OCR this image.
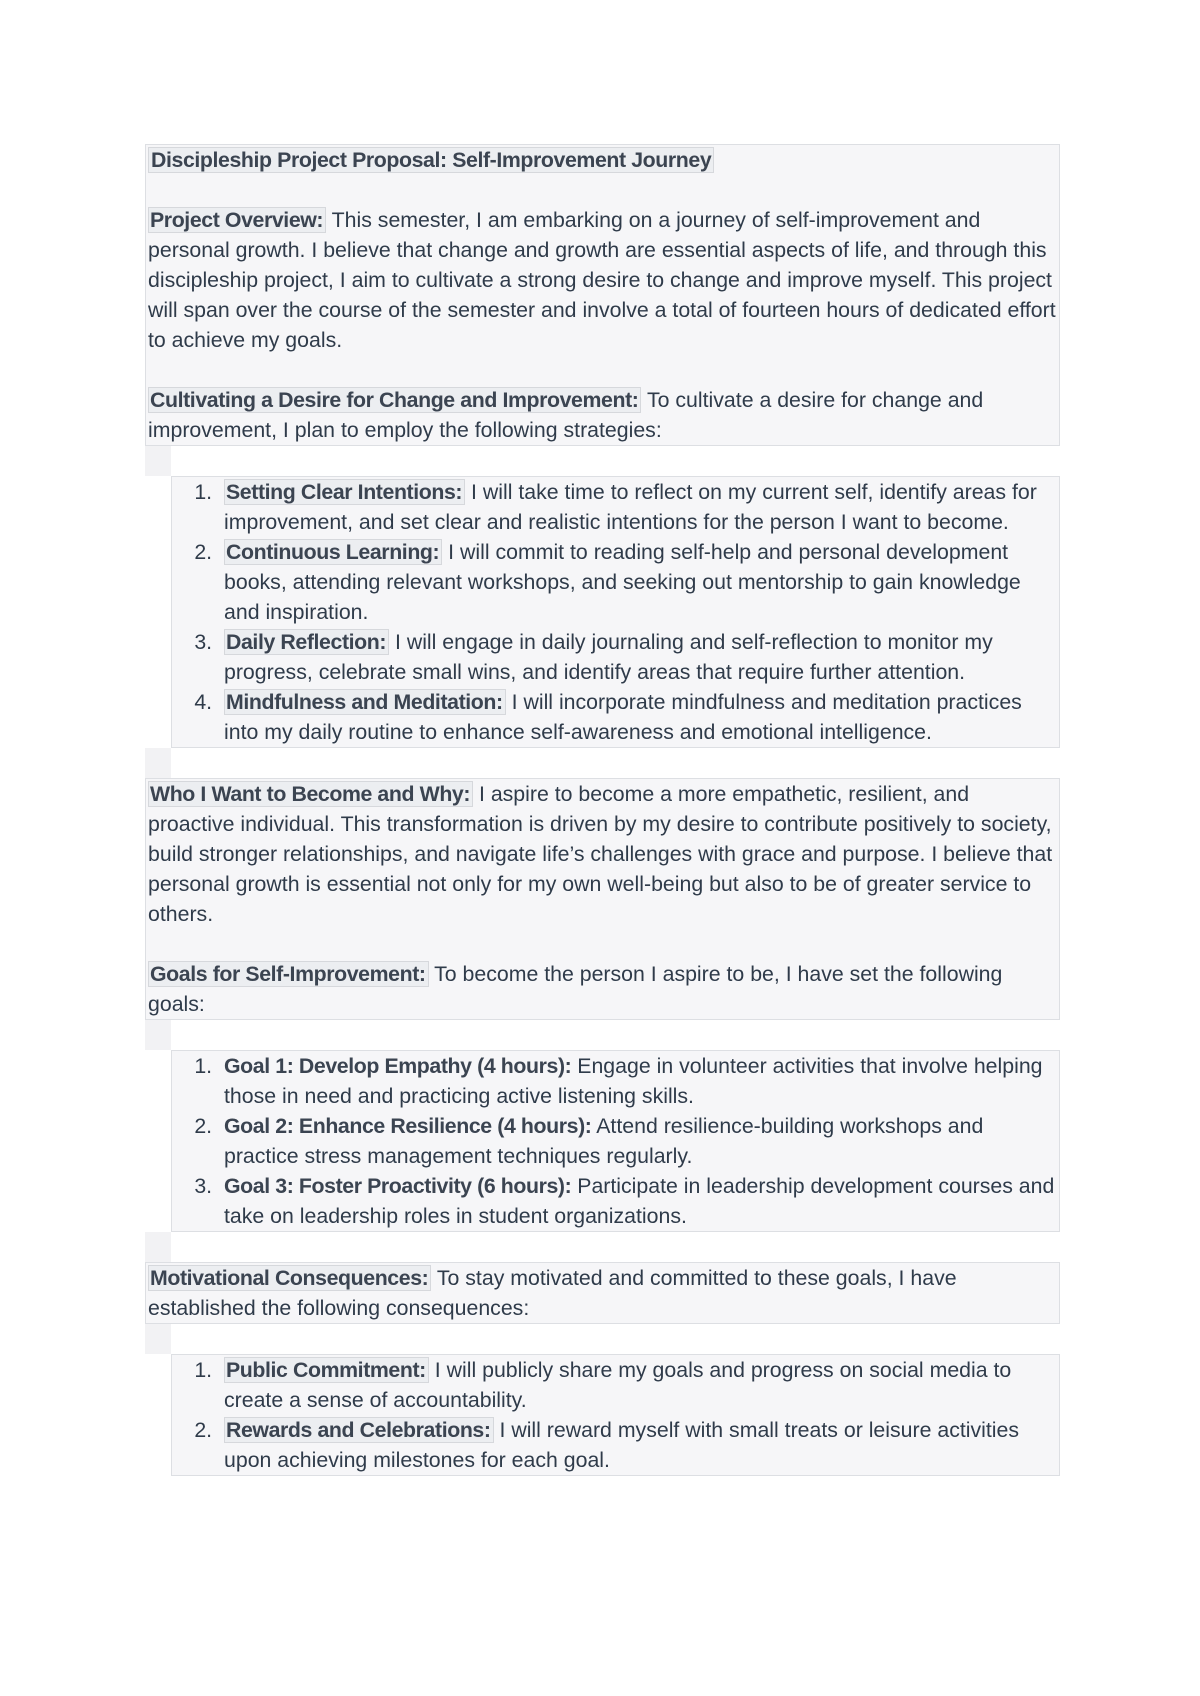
Discipleship Project Proposal: Self-Improvement Journey

Project Overview: This semester, I am embarking on a journey of self-improvement and personal growth. I believe that change and growth are essential aspects of life, and through this discipleship project, I aim to cultivate a strong desire to change and improve myself. This project will span over the course of the semester and involve a total of fourteen hours of dedicated effort to achieve my goals.

Cultivating a Desire for Change and Improvement: To cultivate a desire for change and improvement, I plan to employ the following strategies:

1. Setting Clear Intentions: I will take time to reflect on my current self, identify areas for improvement, and set clear and realistic intentions for the person I want to become.
2. Continuous Learning: I will commit to reading self-help and personal development books, attending relevant workshops, and seeking out mentorship to gain knowledge and inspiration.
3. Daily Reflection: I will engage in daily journaling and self-reflection to monitor my progress, celebrate small wins, and identify areas that require further attention.
4. Mindfulness and Meditation: I will incorporate mindfulness and meditation practices into my daily routine to enhance self-awareness and emotional intelligence.

Who I Want to Become and Why: I aspire to become a more empathetic, resilient, and proactive individual. This transformation is driven by my desire to contribute positively to society, build stronger relationships, and navigate life’s challenges with grace and purpose. I believe that personal growth is essential not only for my own well-being but also to be of greater service to others.

Goals for Self-Improvement: To become the person I aspire to be, I have set the following goals:

1. Goal 1: Develop Empathy (4 hours): Engage in volunteer activities that involve helping those in need and practicing active listening skills.
2. Goal 2: Enhance Resilience (4 hours): Attend resilience-building workshops and practice stress management techniques regularly.
3. Goal 3: Foster Proactivity (6 hours): Participate in leadership development courses and take on leadership roles in student organizations.

Motivational Consequences: To stay motivated and committed to these goals, I have established the following consequences:

1. Public Commitment: I will publicly share my goals and progress on social media to create a sense of accountability.
2. Rewards and Celebrations: I will reward myself with small treats or leisure activities upon achieving milestones for each goal.
